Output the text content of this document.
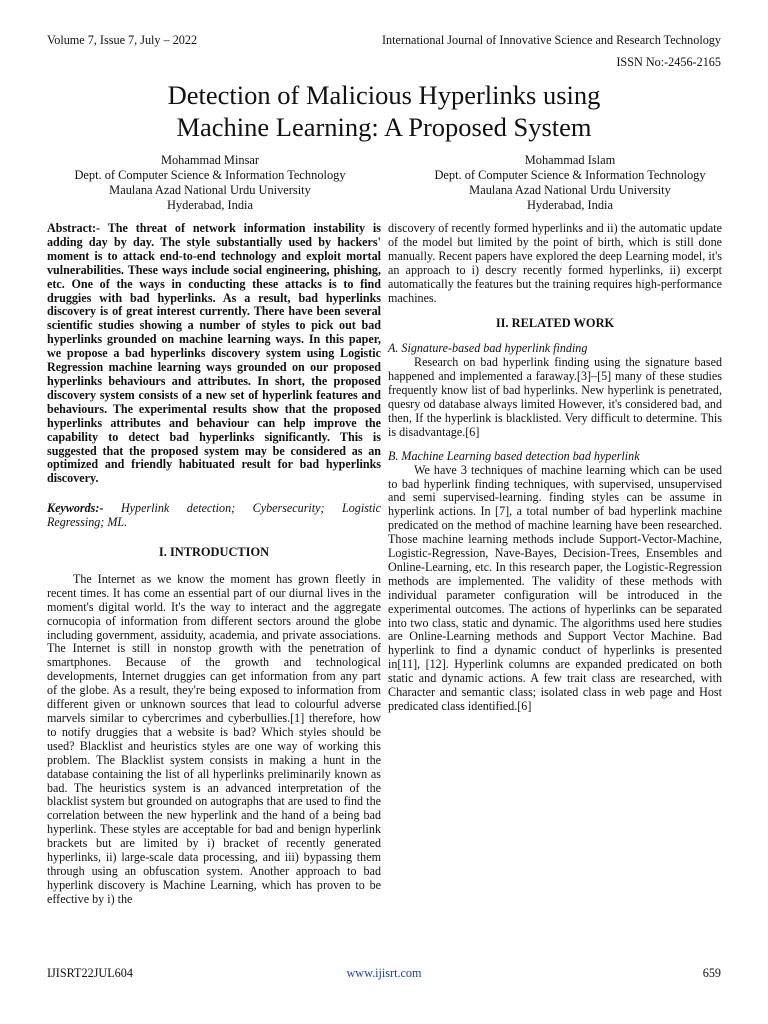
Volume 7, Issue 7, July – 2022	International Journal of Innovative Science and Research Technology
ISSN No:-2456-2165
Detection of Malicious Hyperlinks using
Machine Learning: A Proposed System
Mohammad Minsar
Dept. of Computer Science & Information Technology
Maulana Azad National Urdu University
Hyderabad, India
Mohammad Islam
Dept. of Computer Science & Information Technology
Maulana Azad National Urdu University
Hyderabad, India

Abstract:- The threat of network information instability is adding day by day. The style substantially used by hackers' moment is to attack end-to-end technology and exploit mortal vulnerabilities. These ways include social engineering, phishing, etc. One of the ways in conducting these attacks is to find druggies with bad hyperlinks. As a result, bad hyperlinks discovery is of great interest currently. There have been several scientific studies showing a number of styles to pick out bad hyperlinks grounded on machine learning ways. In this paper, we propose a bad hyperlinks discovery system using Logistic Regression machine learning ways grounded on our proposed hyperlinks behaviours and attributes. In short, the proposed discovery system consists of a new set of hyperlink features and behaviours. The experimental results show that the proposed hyperlinks attributes and behaviour can help improve the capability to detect bad hyperlinks significantly. This is suggested that the proposed system may be considered as an optimized and friendly habituated result for bad hyperlinks discovery.

Keywords:- Hyperlink detection; Cybersecurity; Logistic Regressing; ML.

I. INTRODUCTION

The Internet as we know the moment has grown fleetly in recent times. It has come an essential part of our diurnal lives in the moment's digital world. It's the way to interact and the aggregate cornucopia of information from different sectors around the globe including government, assiduity, academia, and private associations. The Internet is still in nonstop growth with the penetration of smartphones. Because of the growth and technological developments, Internet druggies can get information from any part of the globe. As a result, they're being exposed to information from different given or unknown sources that lead to colourful adverse marvels similar to cybercrimes and cyberbullies.[1] therefore, how to notify druggies that a website is bad? Which styles should be used? Blacklist and heuristics styles are one way of working this problem. The Blacklist system consists in making a hunt in the database containing the list of all hyperlinks preliminarily known as bad. The heuristics system is an advanced interpretation of the blacklist system but grounded on autographs that are used to find the correlation between the new hyperlink and the hand of a being bad hyperlink. These styles are acceptable for bad and benign hyperlink brackets but are limited by i) bracket of recently generated hyperlinks, ii) large-scale data processing, and iii) bypassing them through using an obfuscation system. Another approach to bad hyperlink discovery is Machine Learning, which has proven to be effective by i) the

discovery of recently formed hyperlinks and ii) the automatic update of the model but limited by the point of birth, which is still done manually. Recent papers have explored the deep Learning model, it's an approach to i) descry recently formed hyperlinks, ii) excerpt automatically the features but the training requires high-performance machines.

II. RELATED WORK

A. Signature-based bad hyperlink finding

Research on bad hyperlink finding using the signature based happened and implemented a faraway.[3]–[5] many of these studies frequently know list of bad hyperlinks. New hyperlink is penetrated, quesry od database always limited However, it's considered bad, and then, If the hyperlink is blacklisted. Very difficult to determine. This is disadvantage.[6]

B. Machine Learning based detection bad hyperlink

We have 3 techniques of machine learning which can be used to bad hyperlink finding techniques, with supervised, unsupervised and semi supervised-learning. finding styles can be assume in hyperlink actions. In [7], a total number of bad hyperlink machine predicated on the method of machine learning have been researched. Those machine learning methods include Support-Vector-Machine, Logistic-Regression, Nave-Bayes, Decision-Trees, Ensembles and Online-Learning, etc. In this research paper, the Logistic-Regression methods are implemented. The validity of these methods with individual parameter configuration will be introduced in the experimental outcomes. The actions of hyperlinks can be separated into two class, static and dynamic. The algorithms used here studies are Online-Learning methods and Support Vector Machine. Bad hyperlink to find a dynamic conduct of hyperlinks is presented in[11], [12]. Hyperlink columns are expanded predicated on both static and dynamic actions. A few trait class are researched, with Character and semantic class; isolated class in web page and Host predicated class identified.[6]

IJISRT22JUL604	www.ijisrt.com	659
